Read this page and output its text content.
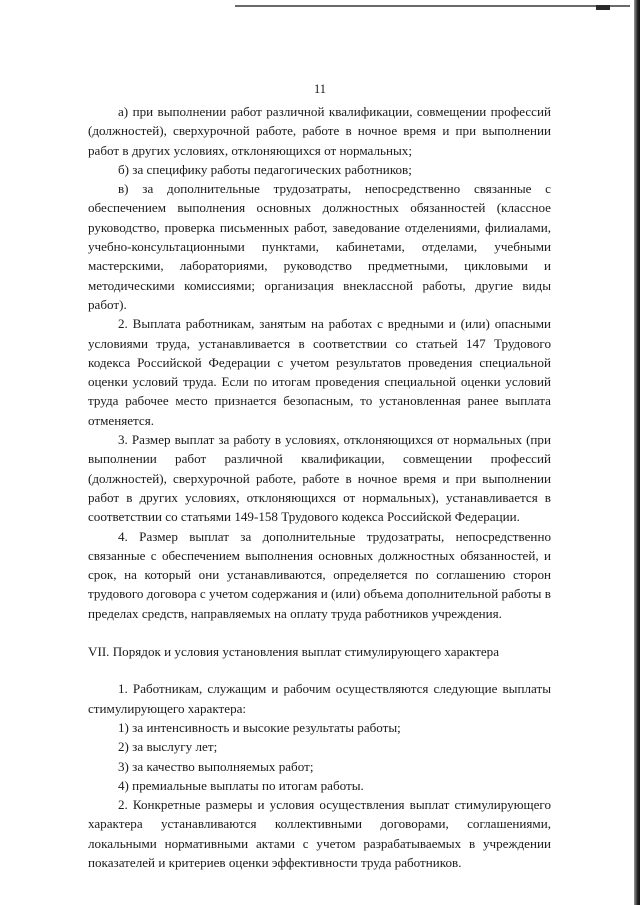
11

а) при выполнении работ различной квалификации, совмещении профессий (должностей), сверхурочной работе, работе в ночное время и при выполнении работ в других условиях, отклоняющихся от нормальных;

б) за специфику работы педагогических работников;

в) за дополнительные трудозатраты, непосредственно связанные с обеспечением выполнения основных должностных обязанностей (классное руководство, проверка письменных работ, заведование отделениями, филиалами, учебно-консультационными пунктами, кабинетами, отделами, учебными мастерскими, лабораториями, руководство предметными, цикловыми и методическими комиссиями; организация внеклассной работы, другие виды работ).

2. Выплата работникам, занятым на работах с вредными и (или) опасными условиями труда, устанавливается в соответствии со статьей 147 Трудового кодекса Российской Федерации с учетом результатов проведения специальной оценки условий труда. Если по итогам проведения специальной оценки условий труда рабочее место признается безопасным, то установленная ранее выплата отменяется.

3. Размер выплат за работу в условиях, отклоняющихся от нормальных (при выполнении работ различной квалификации, совмещении профессий (должностей), сверхурочной работе, работе в ночное время и при выполнении работ в других условиях, отклоняющихся от нормальных), устанавливается в соответствии со статьями 149-158 Трудового кодекса Российской Федерации.

4. Размер выплат за дополнительные трудозатраты, непосредственно связанные с обеспечением выполнения основных должностных обязанностей, и срок, на который они устанавливаются, определяется по соглашению сторон трудового договора с учетом содержания и (или) объема дополнительной работы в пределах средств, направляемых на оплату труда работников учреждения.

VII. Порядок и условия установления выплат стимулирующего характера

1. Работникам, служащим и рабочим осуществляются следующие выплаты стимулирующего характера:

1) за интенсивность и высокие результаты работы;

2) за выслугу лет;

3) за качество выполняемых работ;

4) премиальные выплаты по итогам работы.

2. Конкретные размеры и условия осуществления выплат стимулирующего характера устанавливаются коллективными договорами, соглашениями, локальными нормативными актами с учетом разрабатываемых в учреждении показателей и критериев оценки эффективности труда работников.
